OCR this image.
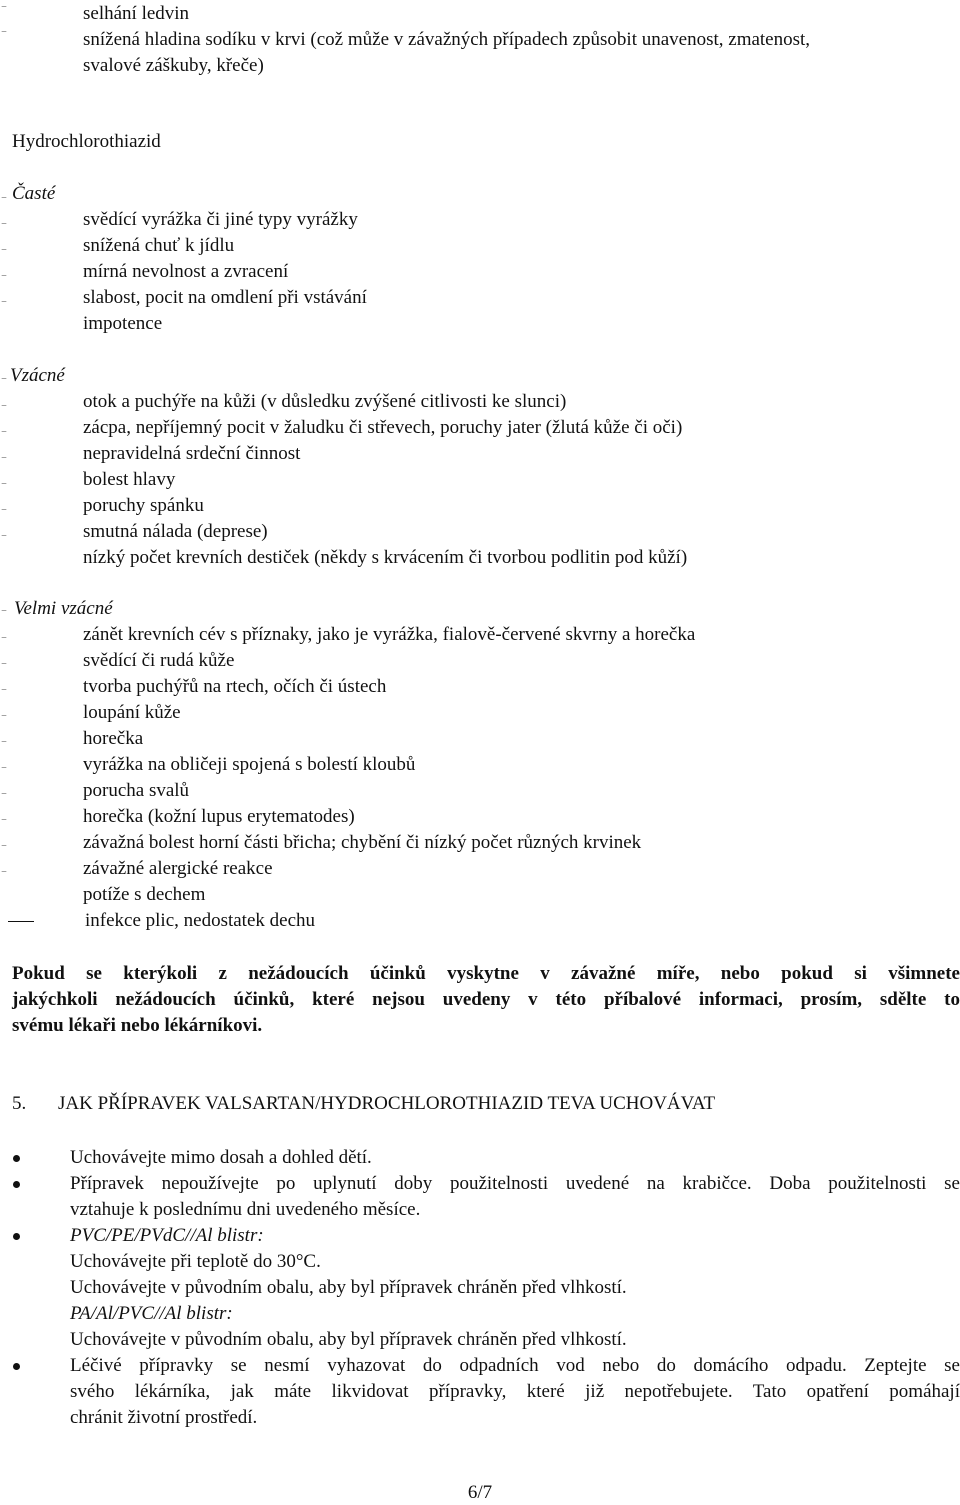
‾
‾
selhání ledvin
snížená hladina sodíku v krvi (což může v závažných případech způsobit unavenost, zmatenost,
svalové záškuby, křeče)
Hydrochlorothiazid
‾ Časté
‾
‾
‾
‾
svědící vyrážka či jiné typy vyrážky
snížená chuť k jídlu
mírná nevolnost a zvracení
slabost, pocit na omdlení při vstávání
impotence
‾ Vzácné
‾
‾
‾
‾
‾
‾
otok a puchýře na kůži (v důsledku zvýšené citlivosti ke slunci)
zácpa, nepříjemný pocit v žaludku či střevech, poruchy jater (žlutá kůže či oči)
nepravidelná srdeční činnost
bolest hlavy
poruchy spánku
smutná nálada (deprese)
nízký počet krevních destiček (někdy s krvácením či tvorbou podlitin pod kůží)
‾ Velmi vzácné
‾
‾
‾
‾
‾
‾
‾
‾
‾
‾
zánět krevních cév s příznaky, jako je vyrážka, fialově-červené skvrny a horečka
svědící či rudá kůže
tvorba puchýřů na rtech, očích či ústech
loupání kůže
horečka
vyrážka na obličeji spojená s bolestí kloubů
porucha svalů
horečka (kožní lupus erytematodes)
závažná bolest horní části břicha; chybění či nízký počet různých krvinek
závažné alergické reakce
potíže s dechem
infekce plic, nedostatek dechu
Pokud se kterýkoli z nežádoucích účinků vyskytne v závažné míře, nebo pokud si všimnete
jakýchkoli nežádoucích účinků, které nejsou uvedeny v této příbalové informaci, prosím, sdělte to
svému lékaři nebo lékárníkovi.
5. JAK PŘÍPRAVEK VALSARTAN/HYDROCHLOROTHIAZID TEVA UCHOVÁVAT
Uchovávejte mimo dosah a dohled dětí.
Přípravek nepoužívejte po uplynutí doby použitelnosti uvedené na krabičce. Doba použitelnosti se
vztahuje k poslednímu dni uvedeného měsíce.
PVC/PE/PVdC//Al blistr:
Uchovávejte při teplotě do 30°C.
Uchovávejte v původním obalu, aby byl přípravek chráněn před vlhkostí.
PA/Al/PVC//Al blistr:
Uchovávejte v původním obalu, aby byl přípravek chráněn před vlhkostí.
Léčivé přípravky se nesmí vyhazovat do odpadních vod nebo do domácího odpadu. Zeptejte se
svého lékárníka, jak máte likvidovat přípravky, které již nepotřebujete. Tato opatření pomáhají
chránit životní prostředí.
6/7
